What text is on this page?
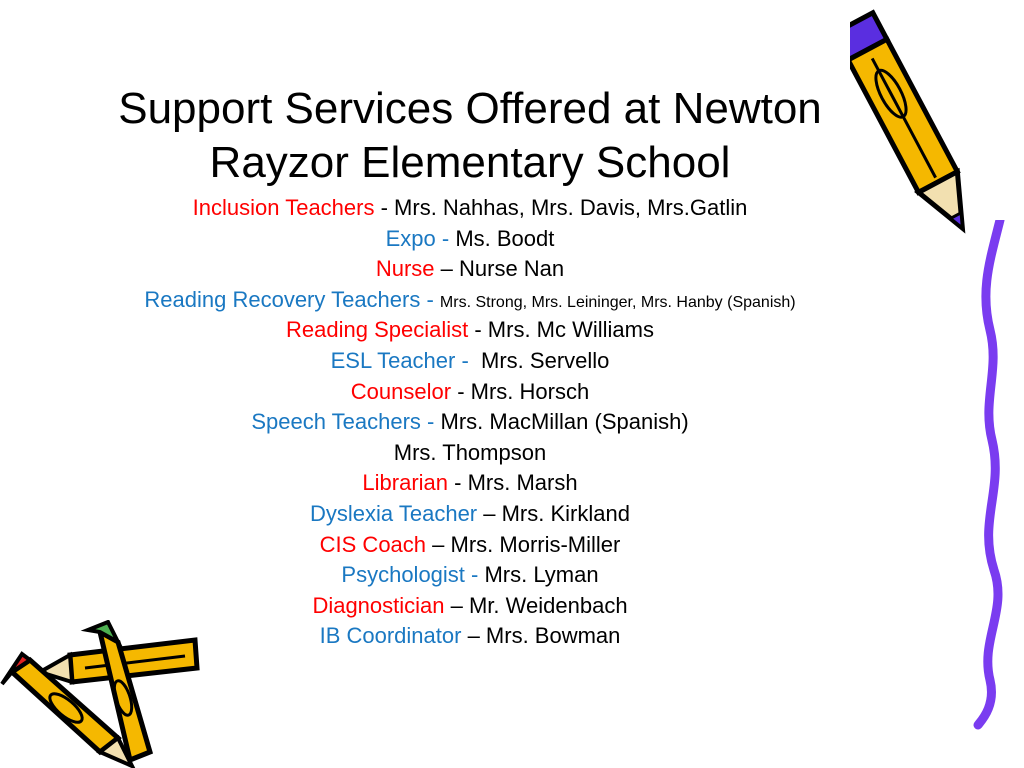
Support Services Offered at Newton
Rayzor Elementary School
Inclusion Teachers - Mrs. Nahhas, Mrs. Davis, Mrs.Gatlin
Expo - Ms. Boodt
Nurse – Nurse Nan
Reading Recovery Teachers - Mrs. Strong, Mrs. Leininger, Mrs. Hanby (Spanish)
Reading Specialist - Mrs. Mc Williams
ESL Teacher -  Mrs. Servello
Counselor - Mrs. Horsch
Speech Teachers - Mrs. MacMillan (Spanish)
Mrs. Thompson
Librarian - Mrs. Marsh
Dyslexia Teacher – Mrs. Kirkland
CIS Coach – Mrs. Morris-Miller
Psychologist - Mrs. Lyman
Diagnostician – Mr. Weidenbach
IB Coordinator – Mrs. Bowman
